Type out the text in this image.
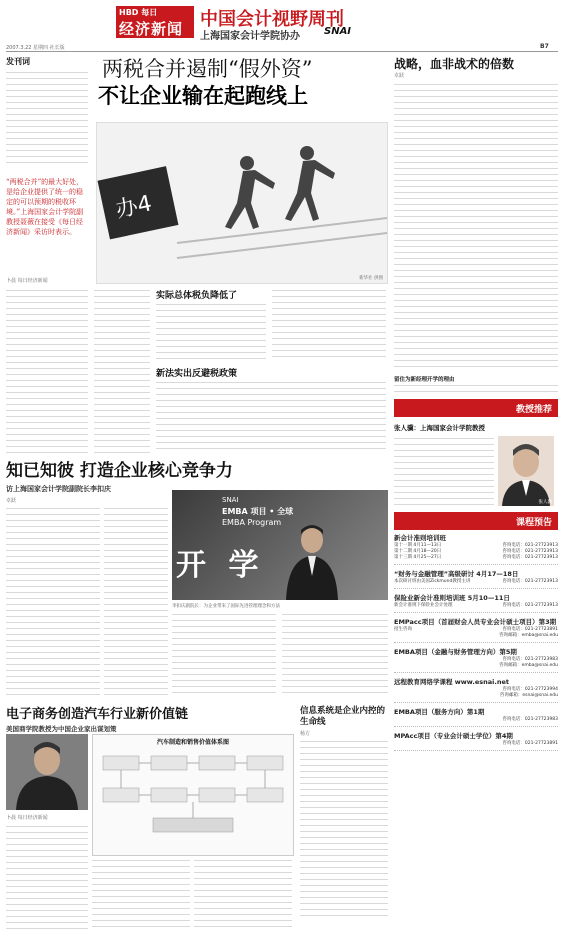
HBD 每日
经济新闻 中国会计视野周刊
上海国家会计学院协办 SNAI
2007.3.22 星期四 社长版	B7
发刊词
“两税合并”的最大好处，是给企业提供了统一的稳定的可以预期的税收环境。”上海国家会计学院副教授聂薇在接受《每日经济新闻》采访时表示。
卜晨 每日经济新闻
两税合并遏制“假外资”
不让企业输在起跑线上
办4
新华社 供图
实际总体税负降低了
新法实出反避税政策
战略，血非战术的倍数
卓跃
留住为新经理开学的理由
教授推荐
张人骥：上海国家会计学院教授
张人骥
课程预告
新会计准则培训班
第十一期 4月11—13日	咨询电话：021-27723913
第十二期 4月18—20日	咨询电话：021-27723913
第十三期 4月25—27日	咨询电话：021-27723913
“财务与金融管理”高级研讨 4月17—18日
本次研讨班由美国Zickmund教授主讲	咨询电话：021-27723913
保险业新会计准则培训班 5月10—11日
新会计准则下保险业会计处理	咨询电话：021-27723913
EMPacc项目（首届财会人员专业会计硕士项目）第3期
招生咨询	咨询电话：021-27723891
咨询邮箱：emba@snai.edu
EMBA项目（金融与财务管理方向）第5期
咨询电话：021-27723983
咨询邮箱：emba@snai.edu
远程教育网络学课程 www.esnai.net
咨询电话：021-27723994
咨询邮箱：esnai@snai.edu
EMBA项目（服务方向）第1期
咨询电话：021-27723983
MPAcc项目（专业会计硕士学位）第4期
咨询电话：021-27723891
知已知彼 打造企业核心竞争力
访上海国家会计学院副院长李扣庆
卓跃	SNAI
EMBA 项目 • 全球
EMBA Program
开 学
李扣庆副院长：为企业带来了国际先进管理理念和方法
电子商务创造汽车行业新价值链
美国商学院教授为中国企业家出谋划策
汽车制造和销售价值体系图
卜晨 每日经济新闻
信息系统是企业内控的生命线
杨方
